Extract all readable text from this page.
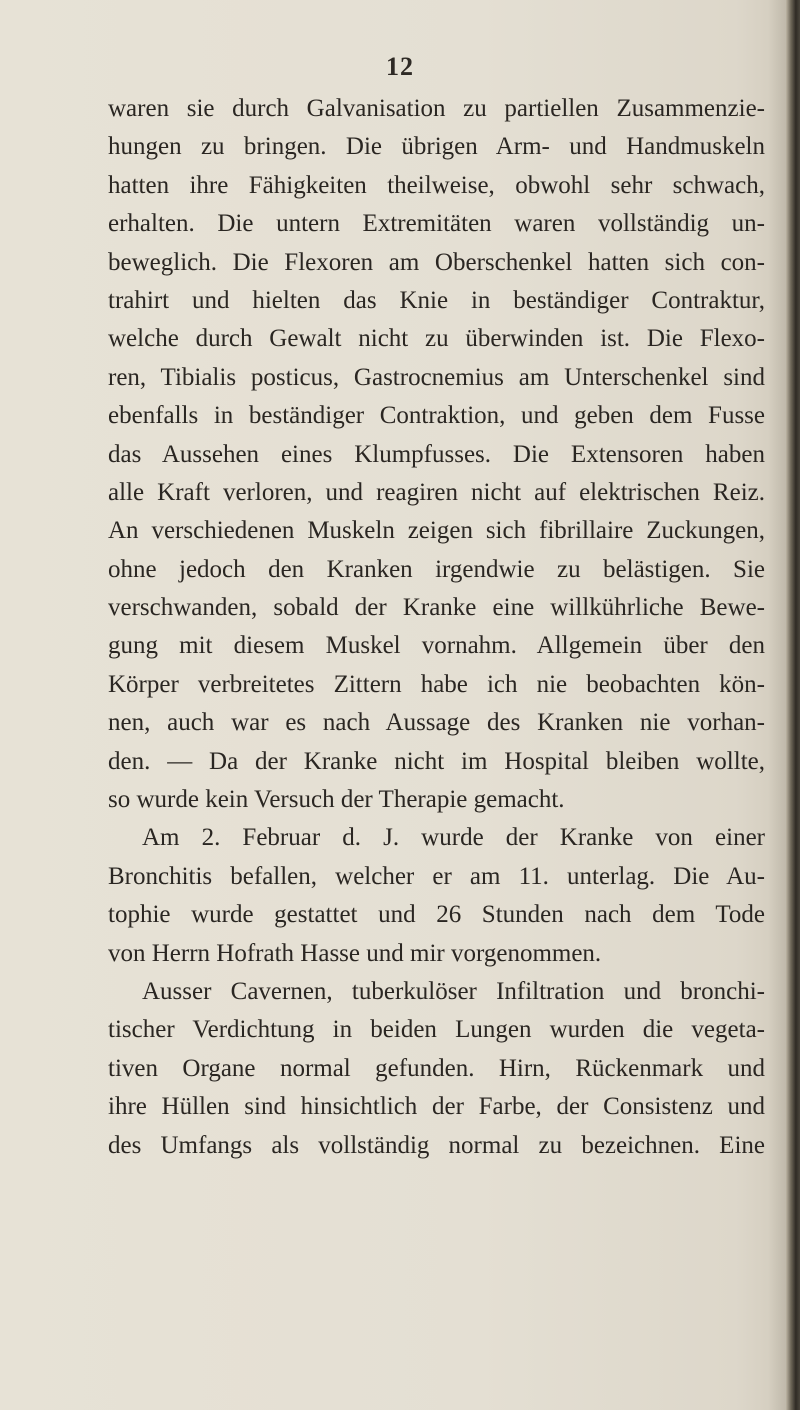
12
waren sie durch Galvanisation zu partiellen Zusammenzie-
hungen zu bringen. Die übrigen Arm- und Handmuskeln
hatten ihre Fähigkeiten theilweise, obwohl sehr schwach,
erhalten. Die untern Extremitäten waren vollständig un-
beweglich. Die Flexoren am Oberschenkel hatten sich con-
trahirt und hielten das Knie in beständiger Contraktur,
welche durch Gewalt nicht zu überwinden ist. Die Flexo-
ren, Tibialis posticus, Gastrocnemius am Unterschenkel sind
ebenfalls in beständiger Contraktion, und geben dem Fusse
das Aussehen eines Klumpfusses. Die Extensoren haben
alle Kraft verloren, und reagiren nicht auf elektrischen Reiz.
An verschiedenen Muskeln zeigen sich fibrillaire Zuckungen,
ohne jedoch den Kranken irgendwie zu belästigen. Sie
verschwanden, sobald der Kranke eine willkührliche Bewe-
gung mit diesem Muskel vornahm. Allgemein über den
Körper verbreitetes Zittern habe ich nie beobachten kön-
nen, auch war es nach Aussage des Kranken nie vorhan-
den. — Da der Kranke nicht im Hospital bleiben wollte,
so wurde kein Versuch der Therapie gemacht.
Am 2. Februar d. J. wurde der Kranke von einer
Bronchitis befallen, welcher er am 11. unterlag. Die Au-
tophie wurde gestattet und 26 Stunden nach dem Tode
von Herrn Hofrath Hasse und mir vorgenommen.
Ausser Cavernen, tuberkulöser Infiltration und bronchi-
tischer Verdichtung in beiden Lungen wurden die vegeta-
tiven Organe normal gefunden. Hirn, Rückenmark und
ihre Hüllen sind hinsichtlich der Farbe, der Consistenz und
des Umfangs als vollständig normal zu bezeichnen. Eine
